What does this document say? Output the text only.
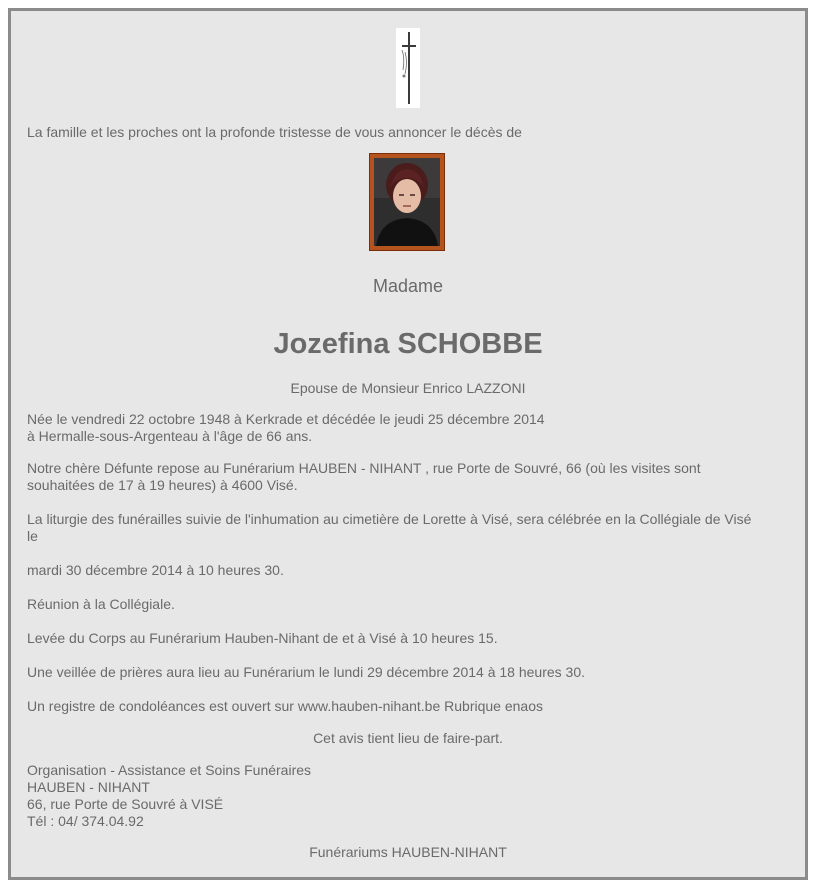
La famille et les proches ont la profonde tristesse de vous annoncer le décès de
Madame
Jozefina SCHOBBE
Epouse de Monsieur Enrico LAZZONI
Née le vendredi 22 octobre 1948 à Kerkrade et décédée le jeudi 25 décembre 2014
à Hermalle-sous-Argenteau à l'âge de 66 ans.
Notre chère Défunte repose au Funérarium HAUBEN - NIHANT , rue Porte de Souvré, 66 (où les visites sont
souhaitées de 17 à 19 heures) à 4600 Visé.
La liturgie des funérailles suivie de l'inhumation au cimetière de Lorette à Visé, sera célébrée en la Collégiale de Visé
le
mardi 30 décembre 2014 à 10 heures 30.
Réunion à la Collégiale.
Levée du Corps au Funérarium Hauben-Nihant de et à Visé à 10 heures 15.
Une veillée de prières aura lieu au Funérarium le lundi 29 décembre 2014 à 18 heures 30.
Un registre de condoléances est ouvert sur www.hauben-nihant.be Rubrique enaos
Cet avis tient lieu de faire-part.
Organisation - Assistance et Soins Funéraires
HAUBEN - NIHANT
66, rue Porte de Souvré à VISÉ
Tél : 04/ 374.04.92
Funérariums HAUBEN-NIHANT
